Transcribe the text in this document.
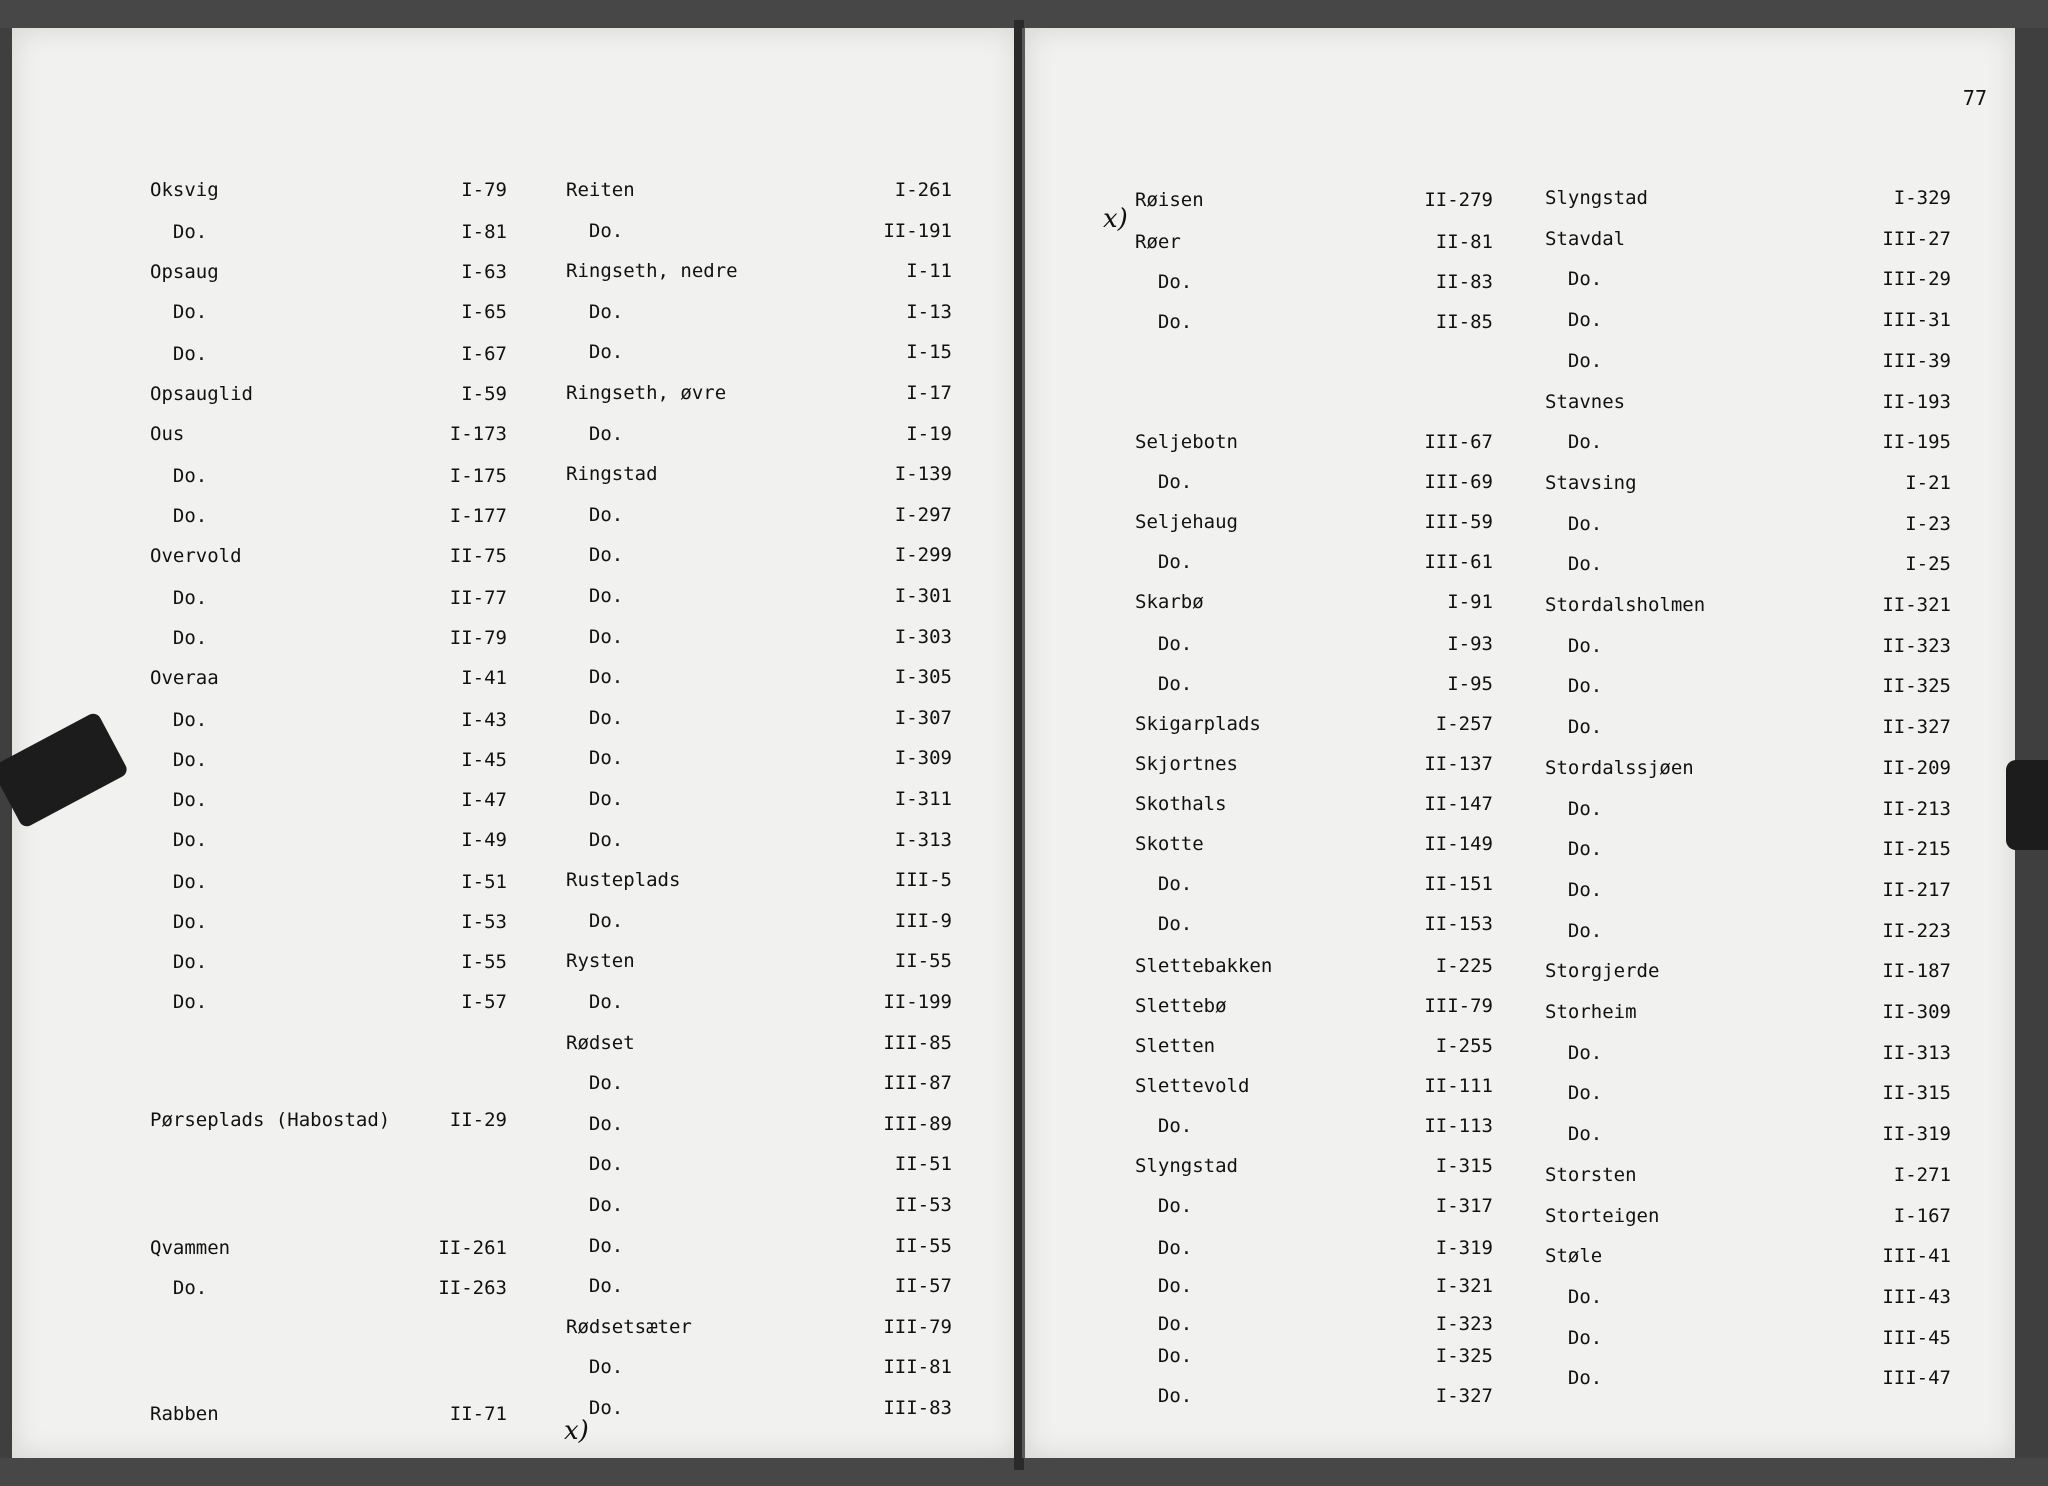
Oksvig	I-79
Do.	I-81
Opsaug	I-63
Do.	I-65
Do.	I-67
Opsauglid	I-59
Ous	I-173
Do.	I-175
Do.	I-177
Overvold	II-75
Do.	II-77
Do.	II-79
Overaa	I-41
Do.	I-43
Do.	I-45
Do.	I-47
Do.	I-49
Do.	I-51
Do.	I-53
Do.	I-55
Do.	I-57
Pørseplads (Habostad)	II-29
Qvammen	II-261
Do.	II-263
Rabben	II-71
Reiten	I-261
Do.	II-191
Ringseth, nedre	I-11
Do.	I-13
Do.	I-15
Ringseth, øvre	I-17
Do.	I-19
Ringstad	I-139
Do.	I-297
Do.	I-299
Do.	I-301
Do.	I-303
Do.	I-305
Do.	I-307
Do.	I-309
Do.	I-311
Do.	I-313
Rusteplads	III-5
Do.	III-9
Rysten	II-55
Do.	II-199
Rødset	III-85
Do.	III-87
Do.	III-89
Do.	II-51
Do.	II-53
Do.	II-55
Do.	II-57
Rødsetsæter	III-79
Do.	III-81
Do.	III-83
x)
77
Røisen	II-279
Røer	II-81
Do.	II-83
Do.	II-85
Seljebotn	III-67
Do.	III-69
Seljehaug	III-59
Do.	III-61
Skarbø	I-91
Do.	I-93
Do.	I-95
Skigarplads	I-257
Skjortnes	II-137
Skothals	II-147
Skotte	II-149
Do.	II-151
Do.	II-153
Slettebakken	I-225
Slettebø	III-79
Sletten	I-255
Slettevold	II-111
Do.	II-113
Slyngstad	I-315
Do.	I-317
Do.	I-319
Do.	I-321
Do.	I-323
Do.	I-325
Do.	I-327
Slyngstad	I-329
Stavdal	III-27
Do.	III-29
Do.	III-31
Do.	III-39
Stavnes	II-193
Do.	II-195
Stavsing	I-21
Do.	I-23
Do.	I-25
Stordalsholmen	II-321
Do.	II-323
Do.	II-325
Do.	II-327
Stordalssjøen	II-209
Do.	II-213
Do.	II-215
Do.	II-217
Do.	II-223
Storgjerde	II-187
Storheim	II-309
Do.	II-313
Do.	II-315
Do.	II-319
Storsten	I-271
Storteigen	I-167
Støle	III-41
Do.	III-43
Do.	III-45
Do.	III-47
x)
